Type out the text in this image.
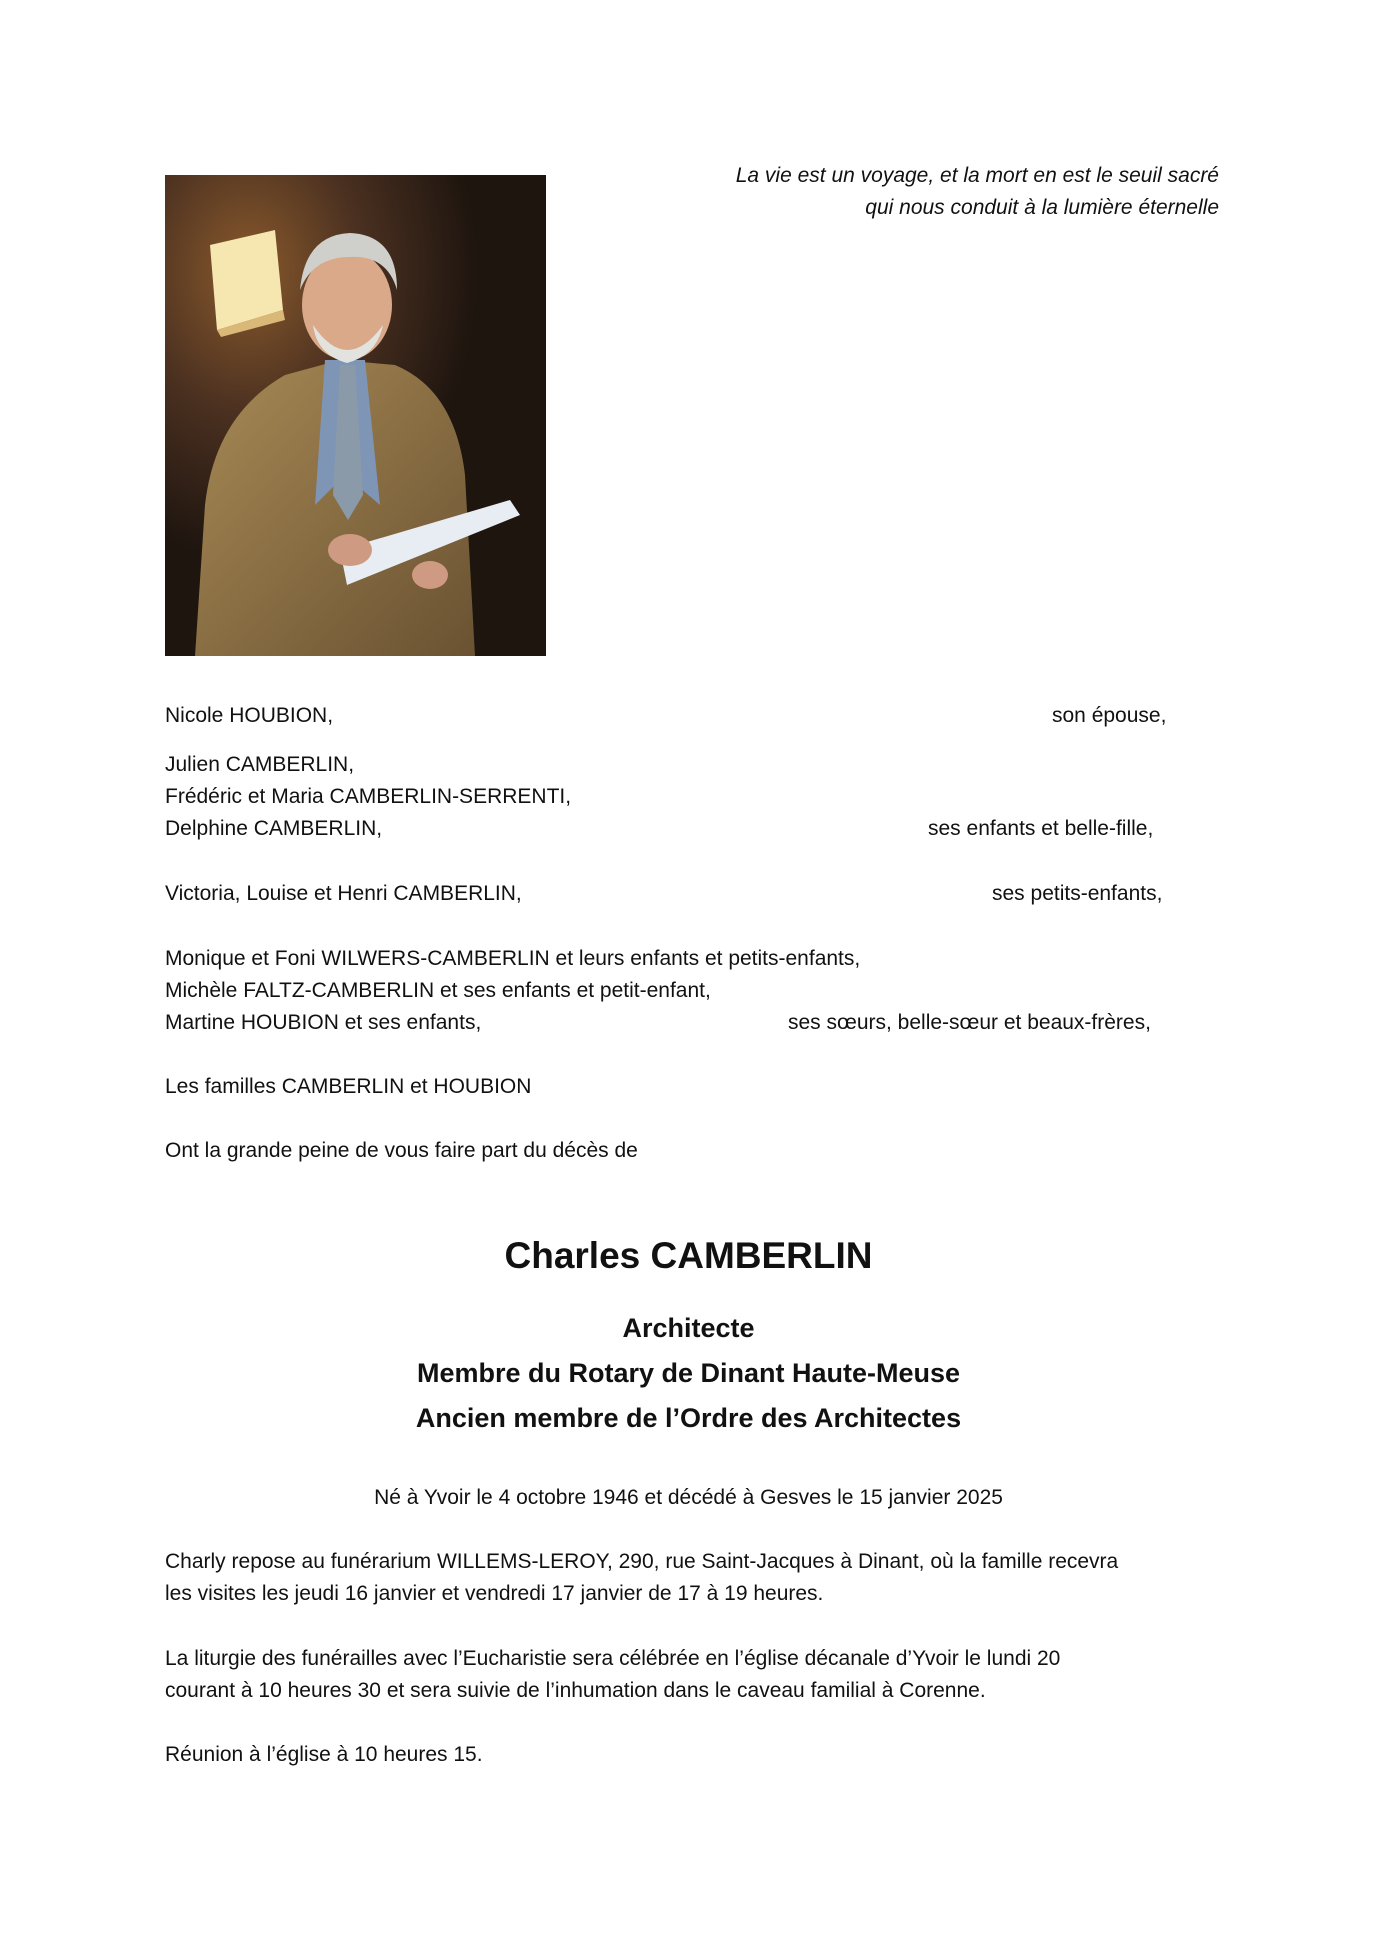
La vie est un voyage, et la mort en est le seuil sacré
qui nous conduit à la lumière éternelle
Nicole HOUBION,	son épouse,
Julien CAMBERLIN,
Frédéric et Maria CAMBERLIN-SERRENTI,
Delphine CAMBERLIN,	ses enfants et belle-fille,
Victoria, Louise et Henri CAMBERLIN,	ses petits-enfants,
Monique et Foni WILWERS-CAMBERLIN et leurs enfants et petits-enfants,
Michèle FALTZ-CAMBERLIN et ses enfants et petit-enfant,
Martine HOUBION et ses enfants,	ses sœurs, belle-sœur et beaux-frères,
Les familles CAMBERLIN et HOUBION
Ont la grande peine de vous faire part du décès de
Charles CAMBERLIN
Architecte
Membre du Rotary de Dinant Haute-Meuse
Ancien membre de l’Ordre des Architectes
Né à Yvoir le 4 octobre 1946 et décédé à Gesves le 15 janvier 2025
Charly repose au funérarium WILLEMS-LEROY, 290, rue Saint-Jacques à Dinant, où la famille recevra
les visites les jeudi 16 janvier et vendredi 17 janvier de 17 à 19 heures.
La liturgie des funérailles avec l’Eucharistie sera célébrée en l’église décanale d’Yvoir le lundi 20
courant à 10 heures 30 et sera suivie de l’inhumation dans le caveau familial à Corenne.
Réunion à l’église à 10 heures 15.
